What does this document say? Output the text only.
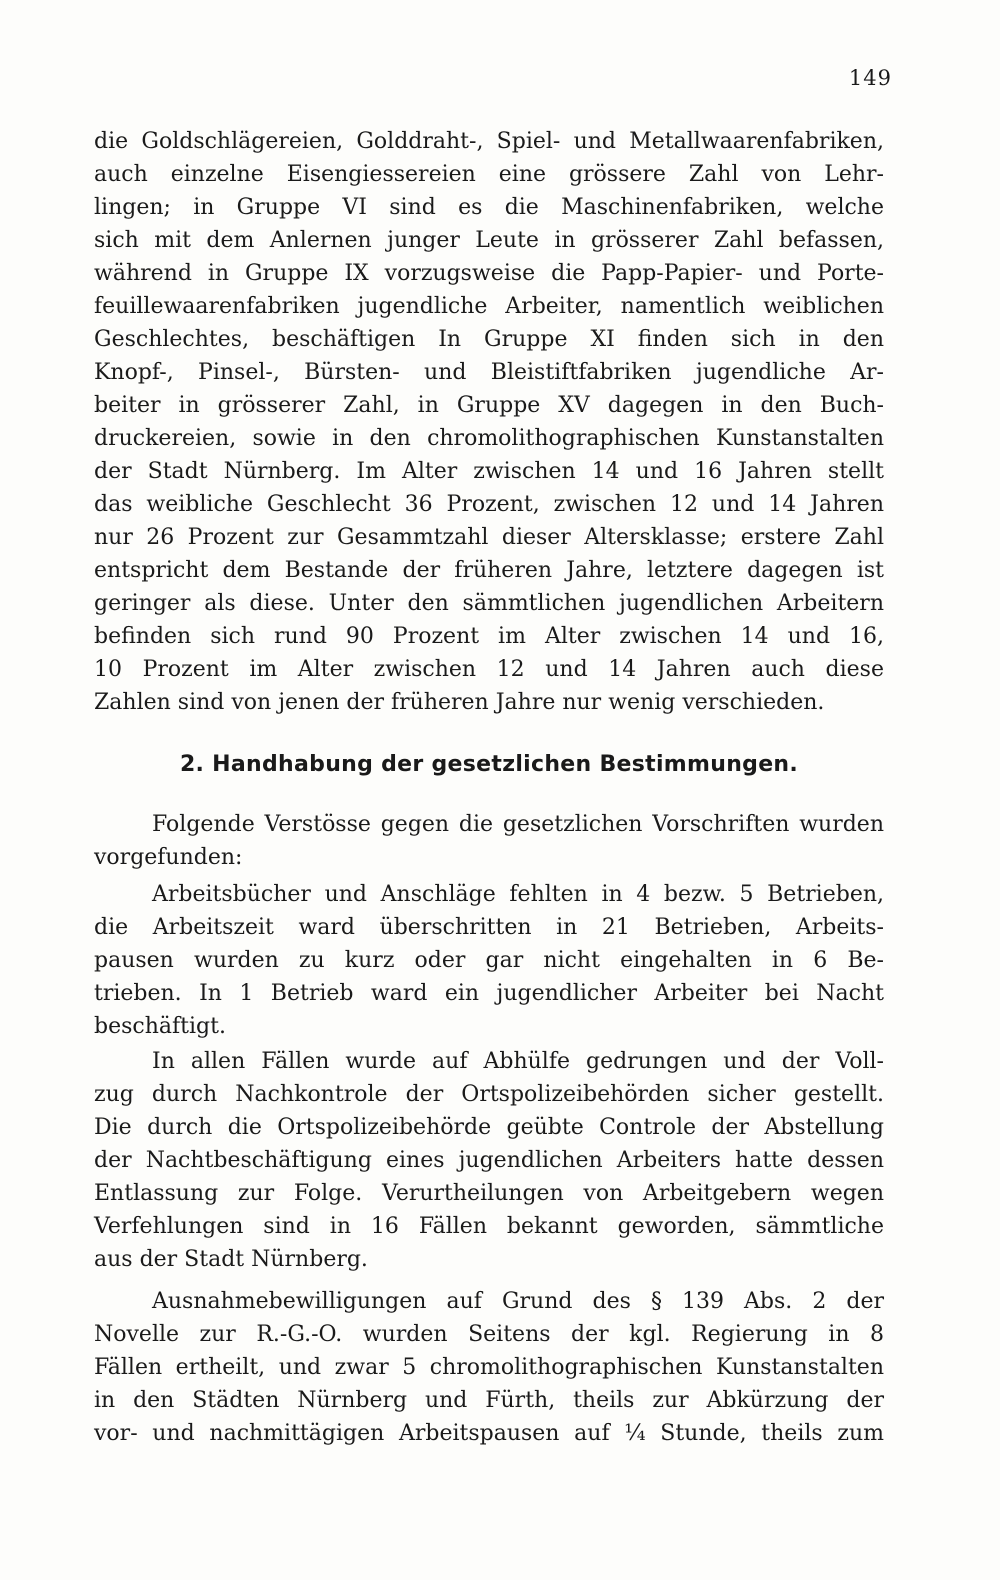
149
die Goldschlägereien, Golddraht-, Spiel- und Metallwaarenfabriken,
auch einzelne Eisengiessereien eine grössere Zahl von Lehr-
lingen; in Gruppe VI sind es die Maschinenfabriken, welche
sich mit dem Anlernen junger Leute in grösserer Zahl befassen,
während in Gruppe IX vorzugsweise die Papp-Papier- und Porte-
feuillewaarenfabriken jugendliche Arbeiter, namentlich weiblichen
Geschlechtes, beschäftigen In Gruppe XI finden sich in den
Knopf-, Pinsel-, Bürsten- und Bleistiftfabriken jugendliche Ar-
beiter in grösserer Zahl, in Gruppe XV dagegen in den Buch-
druckereien, sowie in den chromolithographischen Kunstanstalten
der Stadt Nürnberg. Im Alter zwischen 14 und 16 Jahren stellt
das weibliche Geschlecht 36 Prozent, zwischen 12 und 14 Jahren
nur 26 Prozent zur Gesammtzahl dieser Altersklasse; erstere Zahl
entspricht dem Bestande der früheren Jahre, letztere dagegen ist
geringer als diese. Unter den sämmtlichen jugendlichen Arbeitern
befinden sich rund 90 Prozent im Alter zwischen 14 und 16,
10 Prozent im Alter zwischen 12 und 14 Jahren auch diese
Zahlen sind von jenen der früheren Jahre nur wenig verschieden.
2. Handhabung der gesetzlichen Bestimmungen.
Folgende Verstösse gegen die gesetzlichen Vorschriften wurden
vorgefunden:
Arbeitsbücher und Anschläge fehlten in 4 bezw. 5 Betrieben,
die Arbeitszeit ward überschritten in 21 Betrieben, Arbeits-
pausen wurden zu kurz oder gar nicht eingehalten in 6 Be-
trieben. In 1 Betrieb ward ein jugendlicher Arbeiter bei Nacht
beschäftigt.
In allen Fällen wurde auf Abhülfe gedrungen und der Voll-
zug durch Nachkontrole der Ortspolizeibehörden sicher gestellt.
Die durch die Ortspolizeibehörde geübte Controle der Abstellung
der Nachtbeschäftigung eines jugendlichen Arbeiters hatte dessen
Entlassung zur Folge. Verurtheilungen von Arbeitgebern wegen
Verfehlungen sind in 16 Fällen bekannt geworden, sämmtliche
aus der Stadt Nürnberg.
Ausnahmebewilligungen auf Grund des § 139 Abs. 2 der
Novelle zur R.-G.-O. wurden Seitens der kgl. Regierung in 8
Fällen ertheilt, und zwar 5 chromolithographischen Kunstanstalten
in den Städten Nürnberg und Fürth, theils zur Abkürzung der
vor- und nachmittägigen Arbeitspausen auf ¼ Stunde, theils zum
